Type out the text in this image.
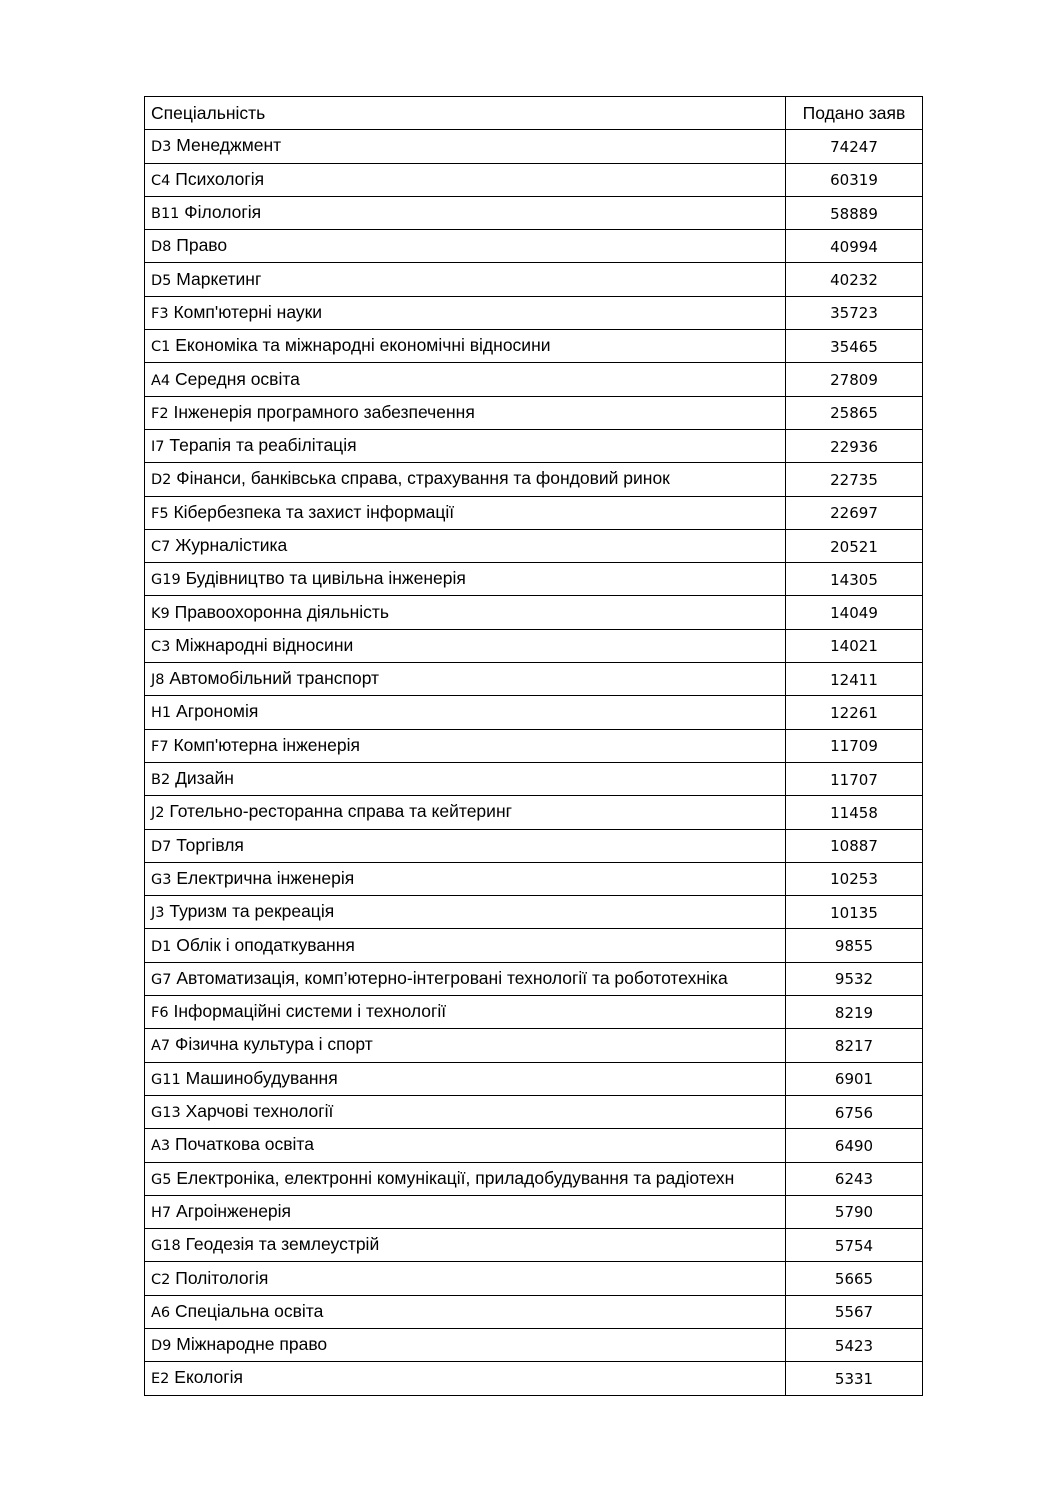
Спеціальність	Подано заяв
D3 Менеджмент	74247
C4 Психологія	60319
B11 Філологія	58889
D8 Право	40994
D5 Маркетинг	40232
F3 Комп'ютерні науки	35723
C1 Економіка та міжнародні економічні відносини	35465
A4 Середня освіта	27809
F2 Інженерія програмного забезпечення	25865
I7 Терапія та реабілітація	22936
D2 Фінанси, банківська справа, страхування та фондовий ринок	22735
F5 Кібербезпека та захист інформації	22697
C7 Журналістика	20521
G19 Будівництво та цивільна інженерія	14305
K9 Правоохоронна діяльність	14049
C3 Міжнародні відносини	14021
J8 Автомобільний транспорт	12411
H1 Агрономія	12261
F7 Комп'ютерна інженерія	11709
B2 Дизайн	11707
J2 Готельно-ресторанна справа та кейтеринг	11458
D7 Торгівля	10887
G3 Електрична інженерія	10253
J3 Туризм та рекреація	10135
D1 Облік і оподаткування	9855
G7 Автоматизація, комп’ютерно-інтегровані технології та робототехніка	9532
F6 Інформаційні системи і технології	8219
A7 Фізична культура і спорт	8217
G11 Машинобудування	6901
G13 Харчові технології	6756
A3 Початкова освіта	6490
G5 Електроніка, електронні комунікації, приладобудування та радіотехн	6243
H7 Агроінженерія	5790
G18 Геодезія та землеустрій	5754
C2 Політологія	5665
A6 Спеціальна освіта	5567
D9 Міжнародне право	5423
E2 Екологія	5331
